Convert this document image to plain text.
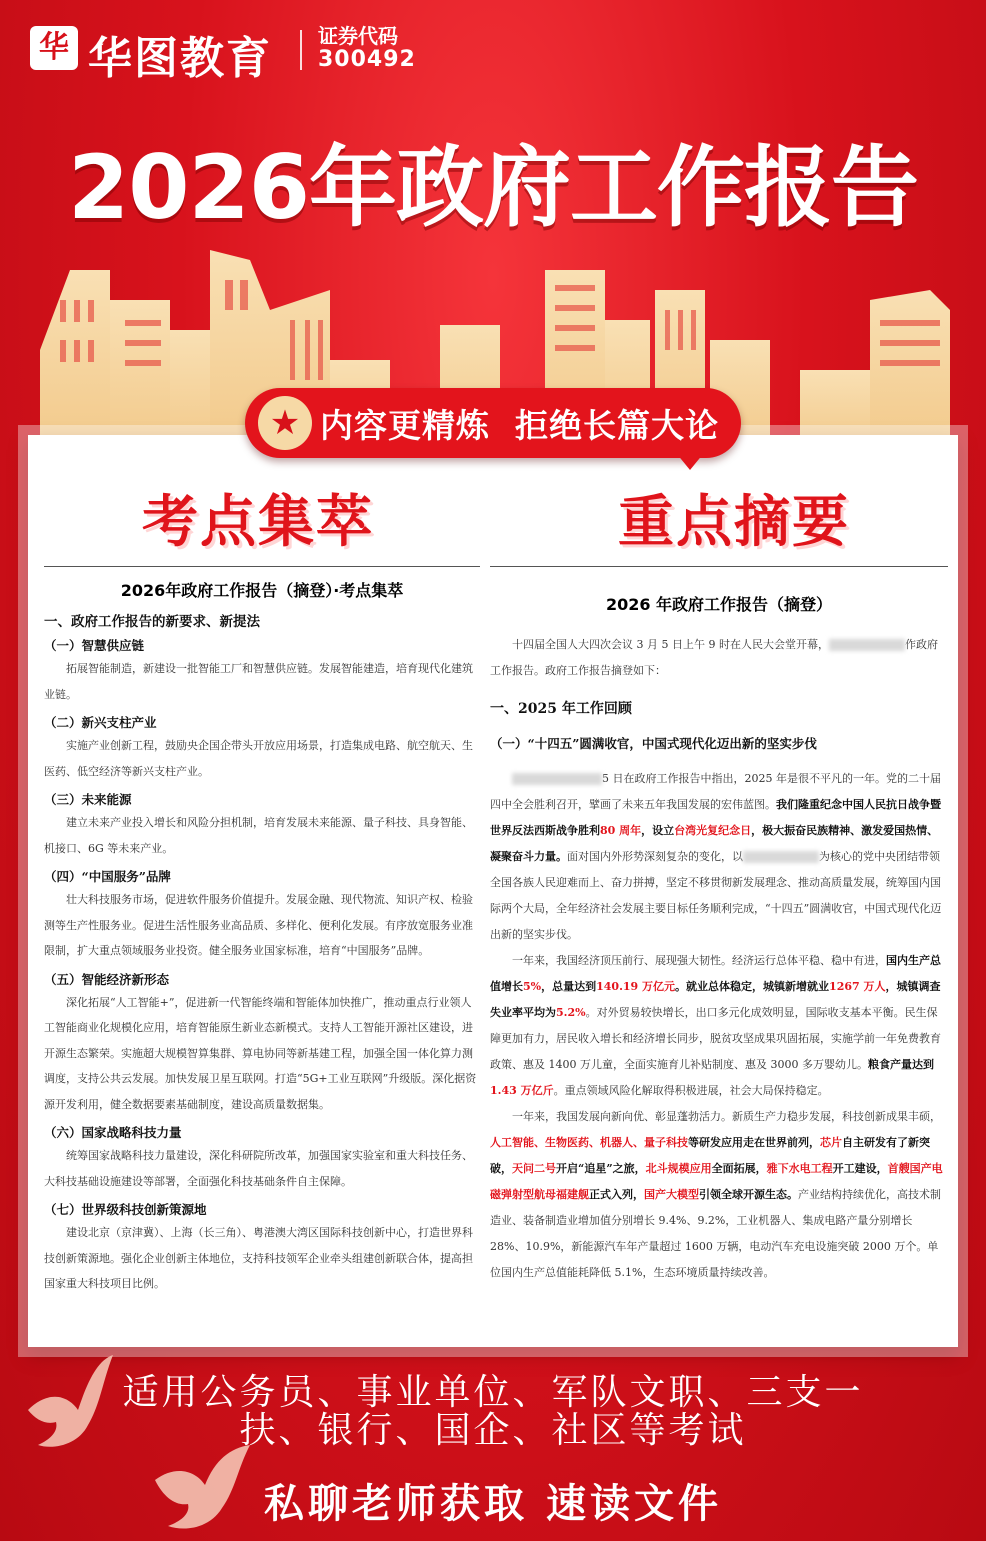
华 华图教育 证券代码
300492
2026年政府工作报告
★ 内容更精炼  拒绝长篇大论
考点集萃	重点摘要
2026年政府工作报告（摘登）·考点集萃
一、政府工作报告的新要求、新提法
（一）智慧供应链

拓展智能制造，新建设一批智能工厂和智慧供应链。发展智能建造，培育现代化建筑业链。

（二）新兴支柱产业

实施产业创新工程，鼓励央企国企带头开放应用场景，打造集成电路、航空航天、生医药、低空经济等新兴支柱产业。

（三）未来能源

建立未来产业投入增长和风险分担机制，培育发展未来能源、量子科技、具身智能、机接口、6G 等未来产业。

（四）“中国服务”品牌

壮大科技服务市场，促进软件服务价值提升。发展金融、现代物流、知识产权、检验测等生产性服务业。促进生活性服务业高品质、多样化、便利化发展。有序放宽服务业准限制，扩大重点领域服务业投资。健全服务业国家标准，培育“中国服务”品牌。

（五）智能经济新形态

深化拓展“人工智能+”，促进新一代智能终端和智能体加快推广，推动重点行业领人工智能商业化规模化应用，培育智能原生新业态新模式。支持人工智能开源社区建设，进开源生态繁荣。实施超大规模智算集群、算电协同等新基建工程，加强全国一体化算力测调度，支持公共云发展。加快发展卫星互联网。打造“5G+工业互联网”升级版。深化据资源开发利用，健全数据要素基础制度，建设高质量数据集。

（六）国家战略科技力量

统筹国家战略科技力量建设，深化科研院所改革，加强国家实验室和重大科技任务、大科技基础设施建设等部署，全面强化科技基础条件自主保障。

（七）世界级科技创新策源地

建设北京（京津冀）、上海（长三角）、粤港澳大湾区国际科技创新中心，打造世界科技创新策源地。强化企业创新主体地位，支持科技领军企业牵头组建创新联合体，提高担国家重大科技项目比例。

2026 年政府工作报告（摘登）

十四届全国人大四次会议 3 月 5 日上午 9 时在人民大会堂开幕，	作政府工作报告。政府工作报告摘登如下：

一、2025 年工作回顾
（一）“十四五”圆满收官，中国式现代化迈出新的坚实步伐

5 日在政府工作报告中指出，2025 年是很不平凡的一年。党的二十届四中全会胜利召开，擘画了未来五年我国发展的宏伟蓝图。我们隆重纪念中国人民抗日战争暨世界反法西斯战争胜利80 周年，设立台湾光复纪念日，极大振奋民族精神、激发爱国热情、凝聚奋斗力量。面对国内外形势深刻复杂的变化，以	为核心的党中央团结带领全国各族人民迎难而上、奋力拼搏，坚定不移贯彻新发展理念、推动高质量发展，统筹国内国际两个大局，全年经济社会发展主要目标任务顺利完成，“十四五”圆满收官，中国式现代化迈出新的坚实步伐。

一年来，我国经济顶压前行、展现强大韧性。经济运行总体平稳、稳中有进，国内生产总值增长5%，总量达到140.19 万亿元。就业总体稳定，城镇新增就业1267 万人，城镇调查失业率平均为5.2%。对外贸易较快增长，出口多元化成效明显，国际收支基本平衡。民生保障更加有力，居民收入增长和经济增长同步，脱贫攻坚成果巩固拓展，实施学前一年免费教育政策、惠及 1400 万儿童，全面实施育儿补贴制度、惠及 3000 多万婴幼儿。粮食产量达到1.43 万亿斤。重点领域风险化解取得积极进展，社会大局保持稳定。

一年来，我国发展向新向优、彰显蓬勃活力。新质生产力稳步发展，科技创新成果丰硕，人工智能、生物医药、机器人、量子科技等研发应用走在世界前列，芯片自主研发有了新突破，天问二号开启“追星”之旅，北斗规模应用全面拓展，雅下水电工程开工建设，首艘国产电磁弹射型航母福建舰正式入列，国产大模型引领全球开源生态。产业结构持续优化，高技术制造业、装备制造业增加值分别增长 9.4%、9.2%，工业机器人、集成电路产量分别增长 28%、10.9%，新能源汽车年产量超过 1600 万辆，电动汽车充电设施突破 2000 万个。单位国内生产总值能耗降低 5.1%，生态环境质量持续改善。

适用公务员、事业单位、军队文职、三支一
扶、银行、国企、社区等考试
私聊老师获取 速读文件
